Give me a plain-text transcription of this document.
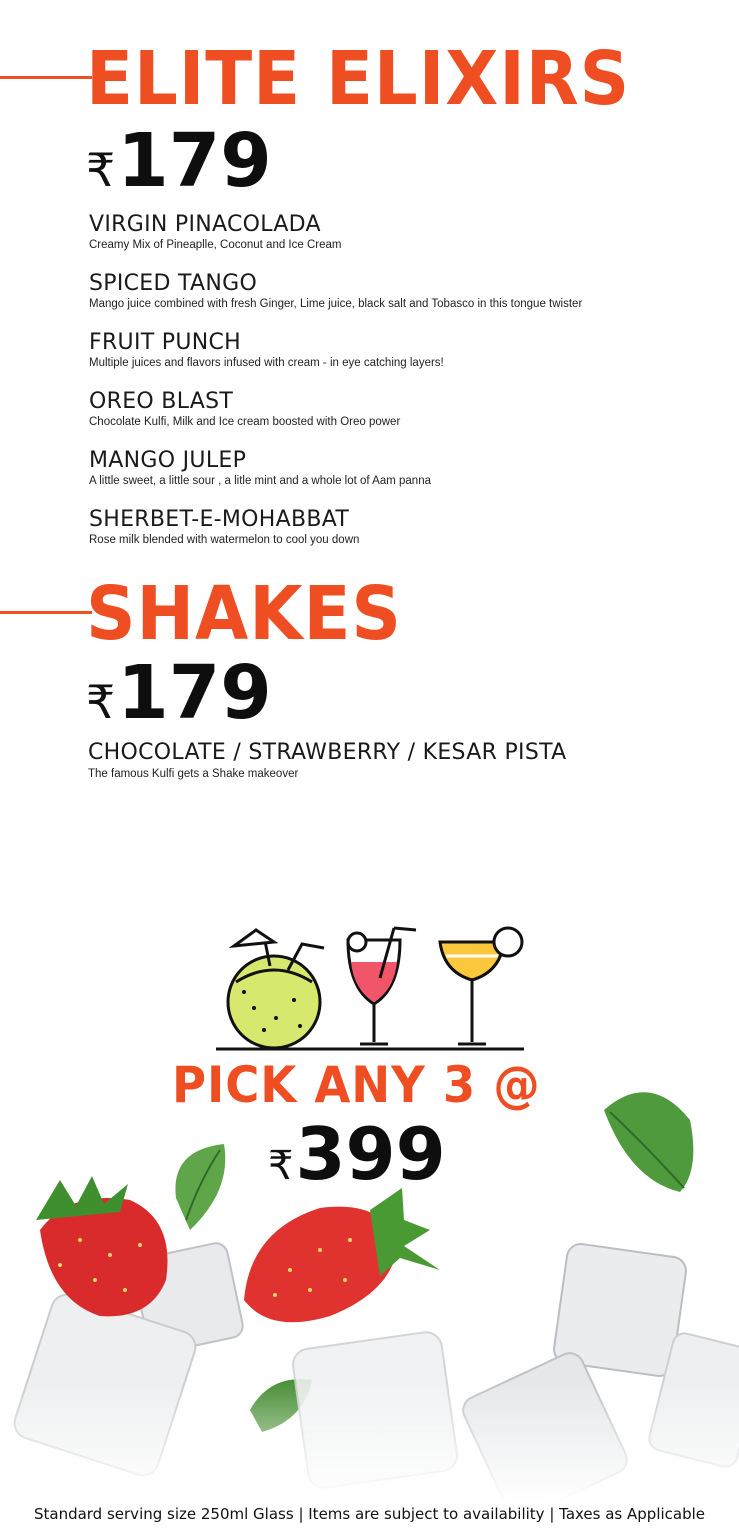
ELITE ELIXIRS
₹ 179
VIRGIN PINACOLADA
Creamy Mix of Pineaplle, Coconut and Ice Cream
SPICED TANGO
Mango juice combined with fresh Ginger, Lime juice, black salt and Tobasco in this tongue twister
FRUIT PUNCH
Multiple juices and flavors infused with cream - in eye catching layers!
OREO BLAST
Chocolate Kulfi, Milk and Ice cream boosted with Oreo power
MANGO JULEP
A little sweet, a little sour , a litle mint and a whole lot of Aam panna
SHERBET-E-MOHABBAT
Rose milk blended with watermelon to cool you down
SHAKES
₹ 179
CHOCOLATE / STRAWBERRY / KESAR PISTA
The famous Kulfi gets a Shake makeover
PICK ANY 3 @
₹ 399
Standard serving size 250ml Glass | Items are subject to availability | Taxes as Applicable
